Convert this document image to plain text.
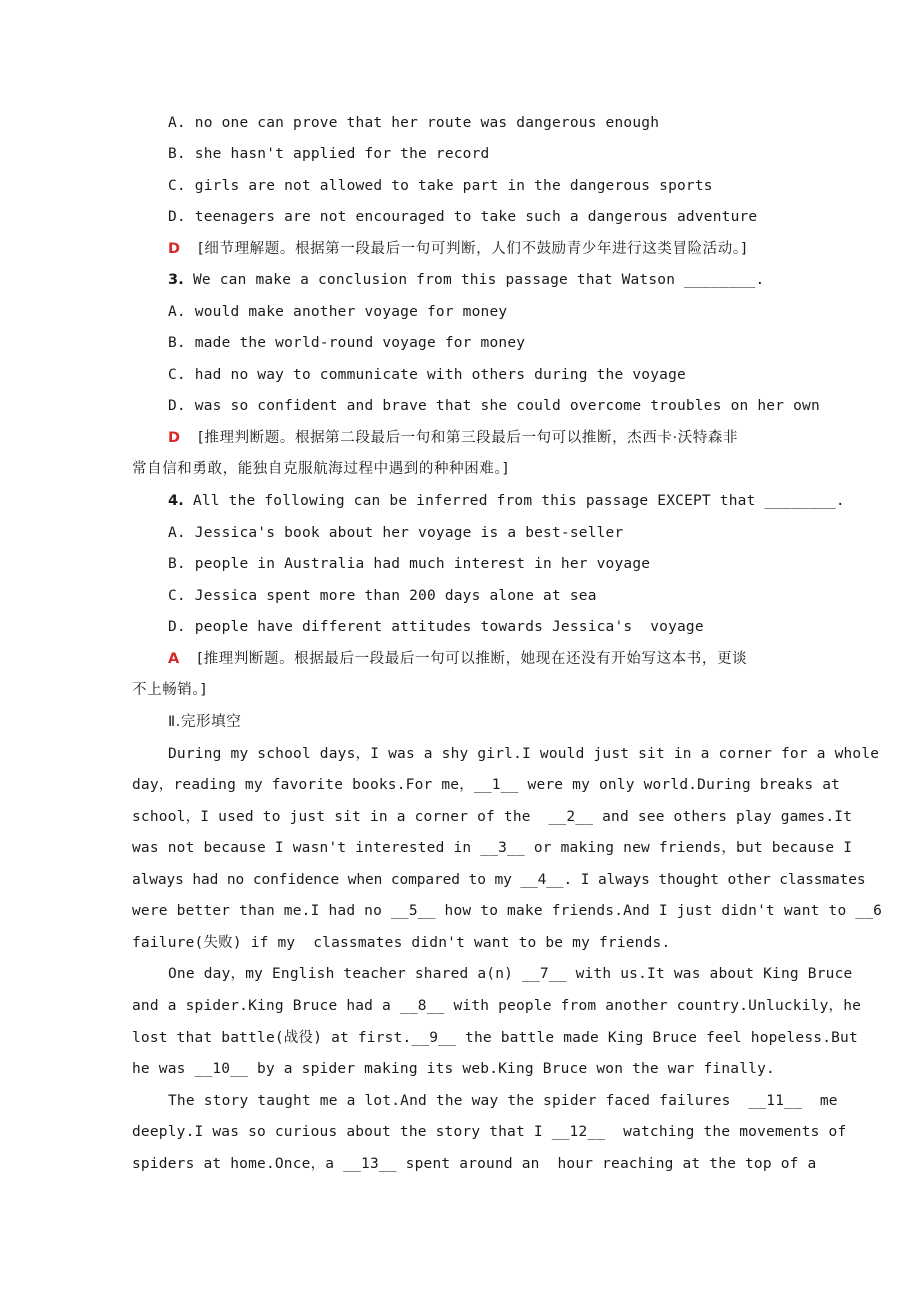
A. no one can prove that her route was dangerous enough
B. she hasn't applied for the record
C. girls are not allowed to take part in the dangerous sports
D. teenagers are not encouraged to take such a dangerous adventure
D [细节理解题。根据第一段最后一句可判断，人们不鼓励青少年进行这类冒险活动。]
3. We can make a conclusion from this passage that Watson ________.
A. would make another voyage for money
B. made the world-round voyage for money
C. had no way to communicate with others during the voyage
D. was so confident and brave that she could overcome troubles on her own
D [推理判断题。根据第二段最后一句和第三段最后一句可以推断，杰西卡·沃特森非
常自信和勇敢，能独自克服航海过程中遇到的种种困难。]
4. All the following can be inferred from this passage EXCEPT that ________.
A. Jessica's book about her voyage is a best-seller
B. people in Australia had much interest in her voyage
C. Jessica spent more than 200 days alone at sea
D. people have different attitudes towards Jessica's  voyage
A [推理判断题。根据最后一段最后一句可以推断，她现在还没有开始写这本书，更谈
不上畅销。]
Ⅱ.完形填空
During my school days，I was a shy girl.I would just sit in a corner for a whole
day，reading my favorite books.For me，__1__ were my only world.During breaks at
school，I used to just sit in a corner of the  __2__ and see others play games.It
was not because I wasn't interested in __3__ or making new friends，but because I
always had no confidence when compared to my __4__. I always thought other classmates
were better than me.I had no __5__ how to make friends.And I just didn't want to __6
failure(失败) if my  classmates didn't want to be my friends.
One day，my English teacher shared a(n) __7__ with us.It was about King Bruce
and a spider.King Bruce had a __8__ with people from another country.Unluckily，he
lost that battle(战役) at first.__9__ the battle made King Bruce feel hopeless.But
he was __10__ by a spider making its web.King Bruce won the war finally.
The story taught me a lot.And the way the spider faced failures  __11__  me
deeply.I was so curious about the story that I __12__  watching the movements of
spiders at home.Once，a __13__ spent around an  hour reaching at the top of a
